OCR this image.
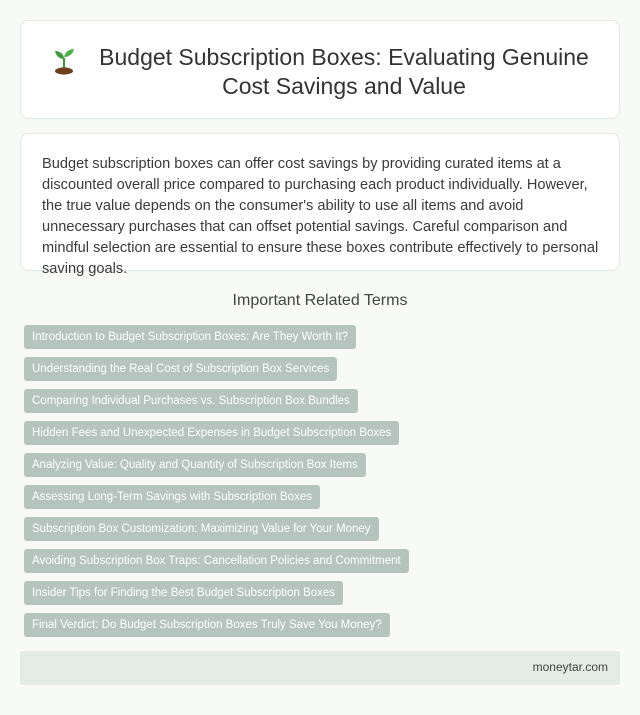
Budget Subscription Boxes: Evaluating Genuine Cost Savings and Value

Budget subscription boxes can offer cost savings by providing curated items at a discounted overall price compared to purchasing each product individually. However, the true value depends on the consumer's ability to use all items and avoid unnecessary purchases that can offset potential savings. Careful comparison and mindful selection are essential to ensure these boxes contribute effectively to personal saving goals.

Important Related Terms
Introduction to Budget Subscription Boxes: Are They Worth It?
Understanding the Real Cost of Subscription Box Services
Comparing Individual Purchases vs. Subscription Box Bundles
Hidden Fees and Unexpected Expenses in Budget Subscription Boxes
Analyzing Value: Quality and Quantity of Subscription Box Items
Assessing Long-Term Savings with Subscription Boxes
Subscription Box Customization: Maximizing Value for Your Money
Avoiding Subscription Box Traps: Cancellation Policies and Commitment
Insider Tips for Finding the Best Budget Subscription Boxes
Final Verdict: Do Budget Subscription Boxes Truly Save You Money?
moneytar.com
